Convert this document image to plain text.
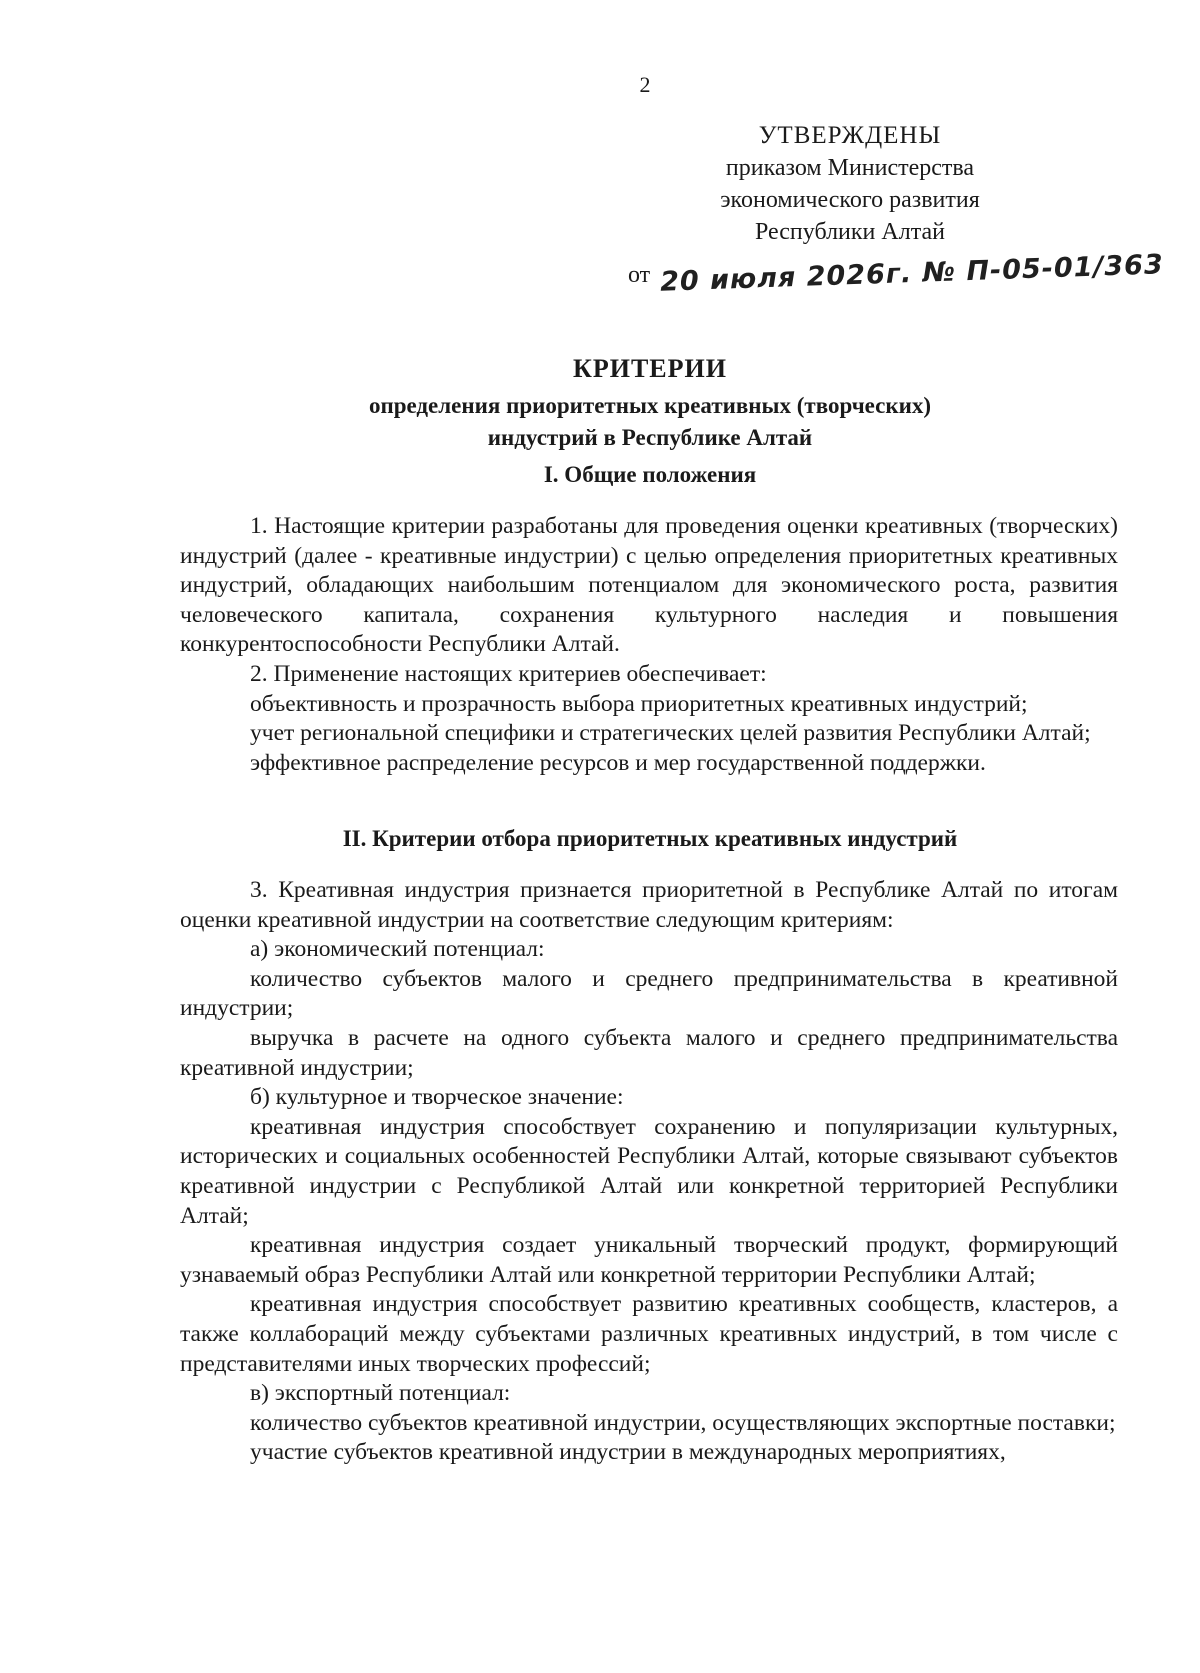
2
УТВЕРЖДЕНЫ
приказом Министерства
экономического развития
Республики Алтай
от 20 июля 2026г. № П-05-01/363
КРИТЕРИИ
определения приоритетных креативных (творческих) индустрий в Республике Алтай
I. Общие положения

1. Настоящие критерии разработаны для проведения оценки креативных (творческих) индустрий (далее - креативные индустрии) с целью определения приоритетных креативных индустрий, обладающих наибольшим потенциалом для экономического роста, развития человеческого капитала, сохранения культурного наследия и повышения конкурентоспособности Республики Алтай.

2. Применение настоящих критериев обеспечивает:

объективность и прозрачность выбора приоритетных креативных индустрий;

учет региональной специфики и стратегических целей развития Республики Алтай;

эффективное распределение ресурсов и мер государственной поддержки.

II. Критерии отбора приоритетных креативных индустрий

3. Креативная индустрия признается приоритетной в Республике Алтай по итогам оценки креативной индустрии на соответствие следующим критериям:

а) экономический потенциал:

количество субъектов малого и среднего предпринимательства в креативной индустрии;

выручка в расчете на одного субъекта малого и среднего предпринимательства креативной индустрии;

б) культурное и творческое значение:

креативная индустрия способствует сохранению и популяризации культурных, исторических и социальных особенностей Республики Алтай, которые связывают субъектов креативной индустрии с Республикой Алтай или конкретной территорией Республики Алтай;

креативная индустрия создает уникальный творческий продукт, формирующий узнаваемый образ Республики Алтай или конкретной территории Республики Алтай;

креативная индустрия способствует развитию креативных сообществ, кластеров, а также коллабораций между субъектами различных креативных индустрий, в том числе с представителями иных творческих профессий;

в) экспортный потенциал:

количество субъектов креативной индустрии, осуществляющих экспортные поставки;

участие субъектов креативной индустрии в международных мероприятиях,
